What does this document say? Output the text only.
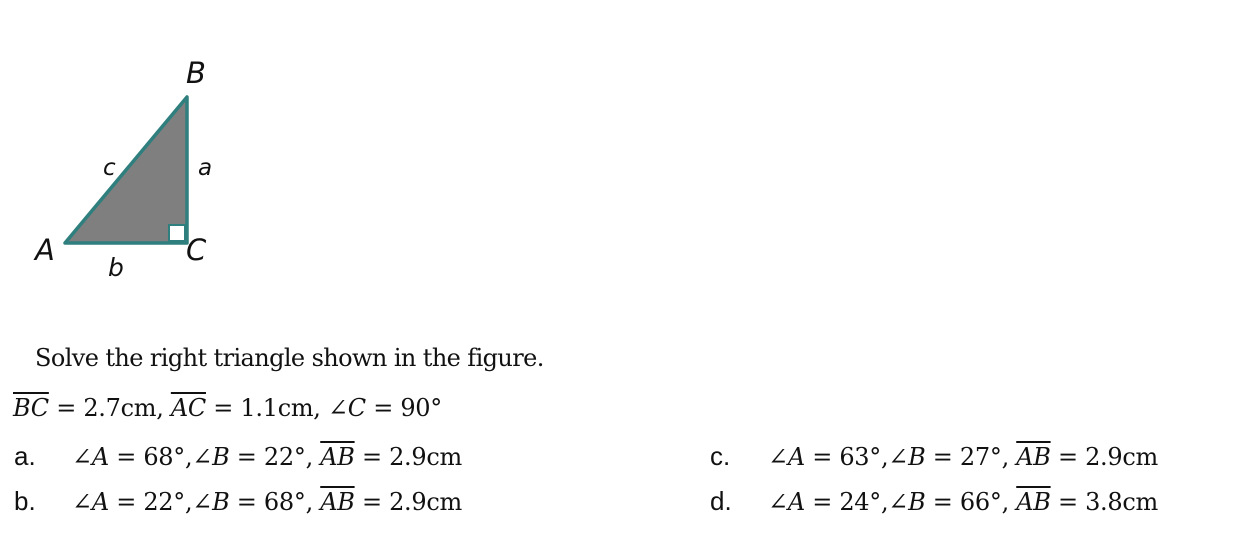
B
A	C
c	a
b
Solve the right triangle shown in the figure.
$\overline{BC} = 2.7cm$, $\overline{AC} = 1.1cm$, ∠C = 90°
a. ∠A = 68°,∠B = 22°, $\overline{AB} = 2.9cm$
b. ∠A = 22°,∠B = 68°, $\overline{AB} = 2.9cm$
c. ∠A = 63°,∠B = 27°, $\overline{AB} = 2.9cm$
d. ∠A = 24°,∠B = 66°, $\overline{AB} = 3.8cm$
